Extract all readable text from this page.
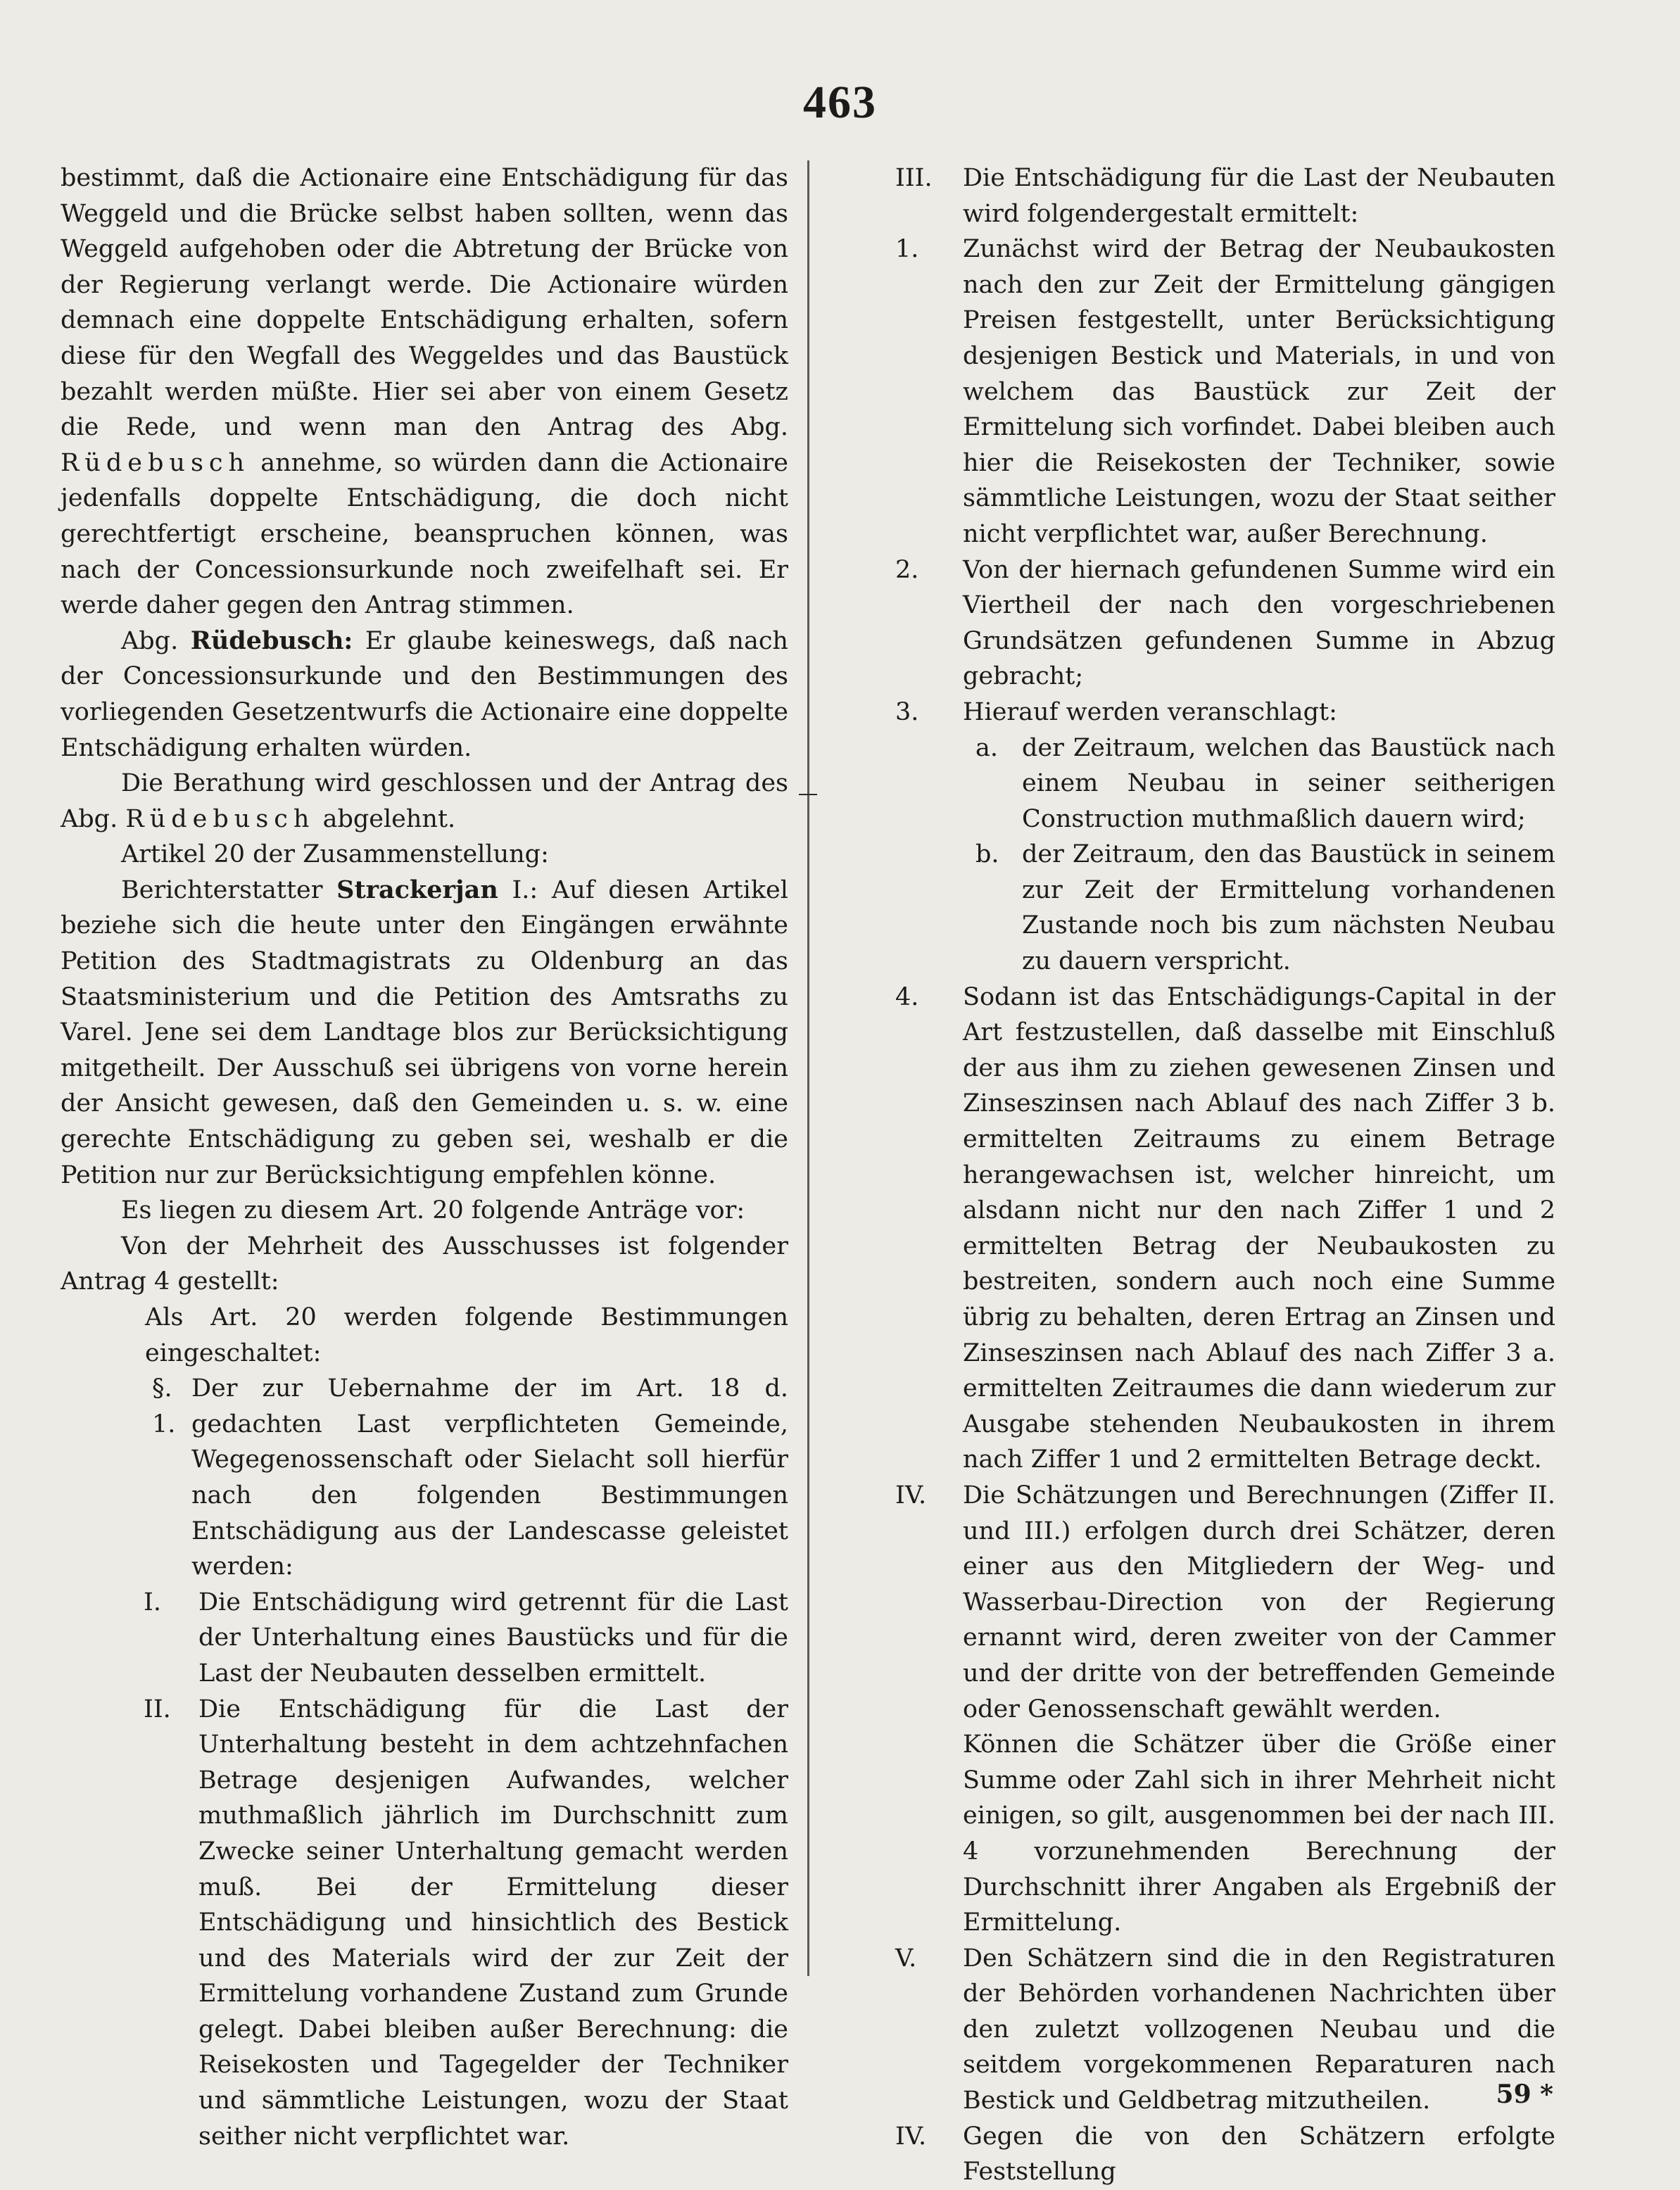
463

bestimmt, daß die Actionaire eine Entschädigung für das Weggeld und die Brücke selbst haben sollten, wenn das Weggeld aufgehoben oder die Abtretung der Brücke von der Regierung verlangt werde. Die Actionaire würden demnach eine doppelte Entschädigung erhalten, sofern diese für den Wegfall des Weggeldes und das Baustück bezahlt werden müßte. Hier sei aber von einem Gesetz die Rede, und wenn man den Antrag des Abg. Rüdebusch annehme, so würden dann die Actionaire jedenfalls doppelte Entschädigung, die doch nicht gerechtfertigt erscheine, beanspruchen können, was nach der Concessionsurkunde noch zweifelhaft sei. Er werde daher gegen den Antrag stimmen.

Abg. Rüdebusch: Er glaube keineswegs, daß nach der Concessionsurkunde und den Bestimmungen des vorliegenden Gesetzentwurfs die Actionaire eine doppelte Entschädigung erhalten würden.

Die Berathung wird geschlossen und der Antrag des Abg. Rüdebusch abgelehnt.

Artikel 20 der Zusammenstellung:

Berichterstatter Strackerjan I.: Auf diesen Artikel beziehe sich die heute unter den Eingängen erwähnte Petition des Stadtmagistrats zu Oldenburg an das Staatsministerium und die Petition des Amtsraths zu Varel. Jene sei dem Landtage blos zur Berücksichtigung mitgetheilt. Der Ausschuß sei übrigens von vorne herein der Ansicht gewesen, daß den Gemeinden u. s. w. eine gerechte Entschädigung zu geben sei, weshalb er die Petition nur zur Berücksichtigung empfehlen könne.

Es liegen zu diesem Art. 20 folgende Anträge vor:

Von der Mehrheit des Ausschusses ist folgender Antrag 4 gestellt:

Als Art. 20 werden folgende Bestimmungen eingeschaltet:

§. 1.
Der zur Uebernahme der im Art. 18 d. gedachten Last verpflichteten Gemeinde, Wegegenossenschaft oder Sielacht soll hierfür nach den folgenden Bestimmungen Entschädigung aus der Landescasse geleistet werden:
I.	Die Entschädigung wird getrennt für die Last der Unterhaltung eines Baustücks und für die Last der Neubauten desselben ermittelt.
II.	Die Entschädigung für die Last der Unterhaltung besteht in dem achtzehnfachen Betrage desjenigen Aufwandes, welcher muthmaßlich jährlich im Durchschnitt zum Zwecke seiner Unterhaltung gemacht werden muß. Bei der Ermittelung dieser Entschädigung und hinsichtlich des Bestick und des Materials wird der zur Zeit der Ermittelung vorhandene Zustand zum Grunde gelegt. Dabei bleiben außer Berechnung: die Reisekosten und Tagegelder der Techniker und sämmtliche Leistungen, wozu der Staat seither nicht verpflichtet war.
III.	Die Entschädigung für die Last der Neubauten wird folgendergestalt ermittelt:
1.	Zunächst wird der Betrag der Neubaukosten nach den zur Zeit der Ermittelung gängigen Preisen festgestellt, unter Berücksichtigung desjenigen Bestick und Materials, in und von welchem das Baustück zur Zeit der Ermittelung sich vorfindet. Dabei bleiben auch hier die Reisekosten der Techniker, sowie sämmtliche Leistungen, wozu der Staat seither nicht verpflichtet war, außer Berechnung.
2.	Von der hiernach gefundenen Summe wird ein Viertheil der nach den vorgeschriebenen Grundsätzen gefundenen Summe in Abzug gebracht;
3.	Hierauf werden veranschlagt:
a. der Zeitraum, welchen das Baustück nach einem Neubau in seiner seitherigen Construction muthmaßlich dauern wird;
b. der Zeitraum, den das Baustück in seinem zur Zeit der Ermittelung vorhandenen Zustande noch bis zum nächsten Neubau zu dauern verspricht.
4.	Sodann ist das Entschädigungs-Capital in der Art festzustellen, daß dasselbe mit Einschluß der aus ihm zu ziehen gewesenen Zinsen und Zinseszinsen nach Ablauf des nach Ziffer 3 b. ermittelten Zeitraums zu einem Betrage herangewachsen ist, welcher hinreicht, um alsdann nicht nur den nach Ziffer 1 und 2 ermittelten Betrag der Neubaukosten zu bestreiten, sondern auch noch eine Summe übrig zu behalten, deren Ertrag an Zinsen und Zinseszinsen nach Ablauf des nach Ziffer 3 a. ermittelten Zeitraumes die dann wiederum zur Ausgabe stehenden Neubaukosten in ihrem nach Ziffer 1 und 2 ermittelten Betrage deckt.
IV.	Die Schätzungen und Berechnungen (Ziffer II. und III.) erfolgen durch drei Schätzer, deren einer aus den Mitgliedern der Weg- und Wasserbau-Direction von der Regierung ernannt wird, deren zweiter von der Cammer und der dritte von der betreffenden Gemeinde oder Genossenschaft gewählt werden.

Können die Schätzer über die Größe einer Summe oder Zahl sich in ihrer Mehrheit nicht einigen, so gilt, ausgenommen bei der nach III. 4 vorzunehmenden Berechnung der Durchschnitt ihrer Angaben als Ergebniß der Ermittelung.

V.	Den Schätzern sind die in den Registraturen der Behörden vorhandenen Nachrichten über den zuletzt vollzogenen Neubau und die seitdem vorgekommenen Reparaturen nach Bestick und Geldbetrag mitzutheilen.
IV.	Gegen die von den Schätzern erfolgte Feststellung
59 *
